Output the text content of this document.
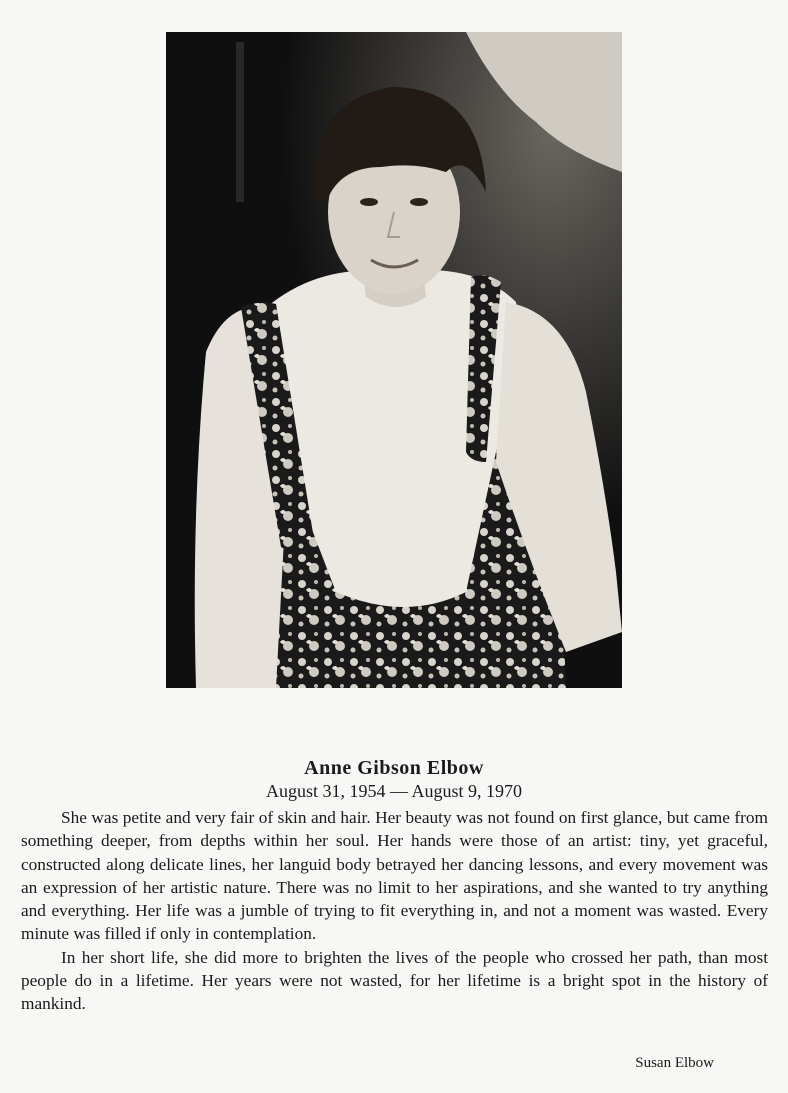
Anne Gibson Elbow
August 31, 1954 — August 9, 1970

She was petite and very fair of skin and hair. Her beauty was not found on first glance, but came from something deeper, from depths within her soul. Her hands were those of an artist: tiny, yet graceful, constructed along delicate lines, her languid body betrayed her dancing lessons, and every movement was an expression of her artistic nature. There was no limit to her aspirations, and she wanted to try anything and everything. Her life was a jumble of trying to fit everything in, and not a moment was wasted. Every minute was filled if only in contemplation.

In her short life, she did more to brighten the lives of the people who crossed her path, than most people do in a lifetime. Her years were not wasted, for her lifetime is a bright spot in the history of mankind.

Susan Elbow
